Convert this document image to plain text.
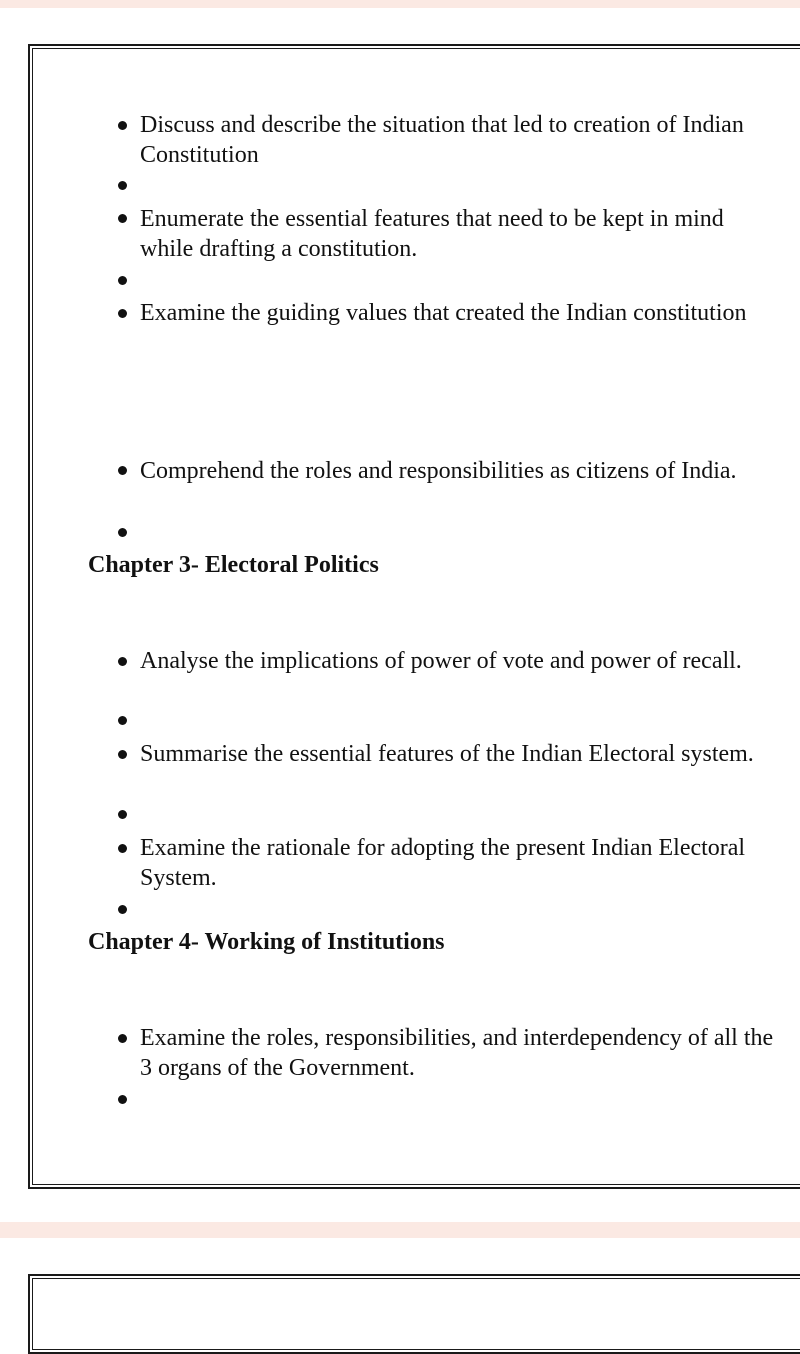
Discuss and describe the situation that led to creation of Indian Constitution
Enumerate the essential features that need to be kept in mind while drafting a constitution.
Examine the guiding values that created the Indian constitution
Comprehend the roles and responsibilities as citizens of India.
Chapter 3- Electoral Politics
Analyse the implications of power of vote and power of recall.
Summarise the essential features of the Indian Electoral system.
Examine the rationale for adopting the present Indian Electoral System.
Chapter 4- Working of Institutions
Examine the roles, responsibilities, and interdependency of all the 3 organs of the Government.
